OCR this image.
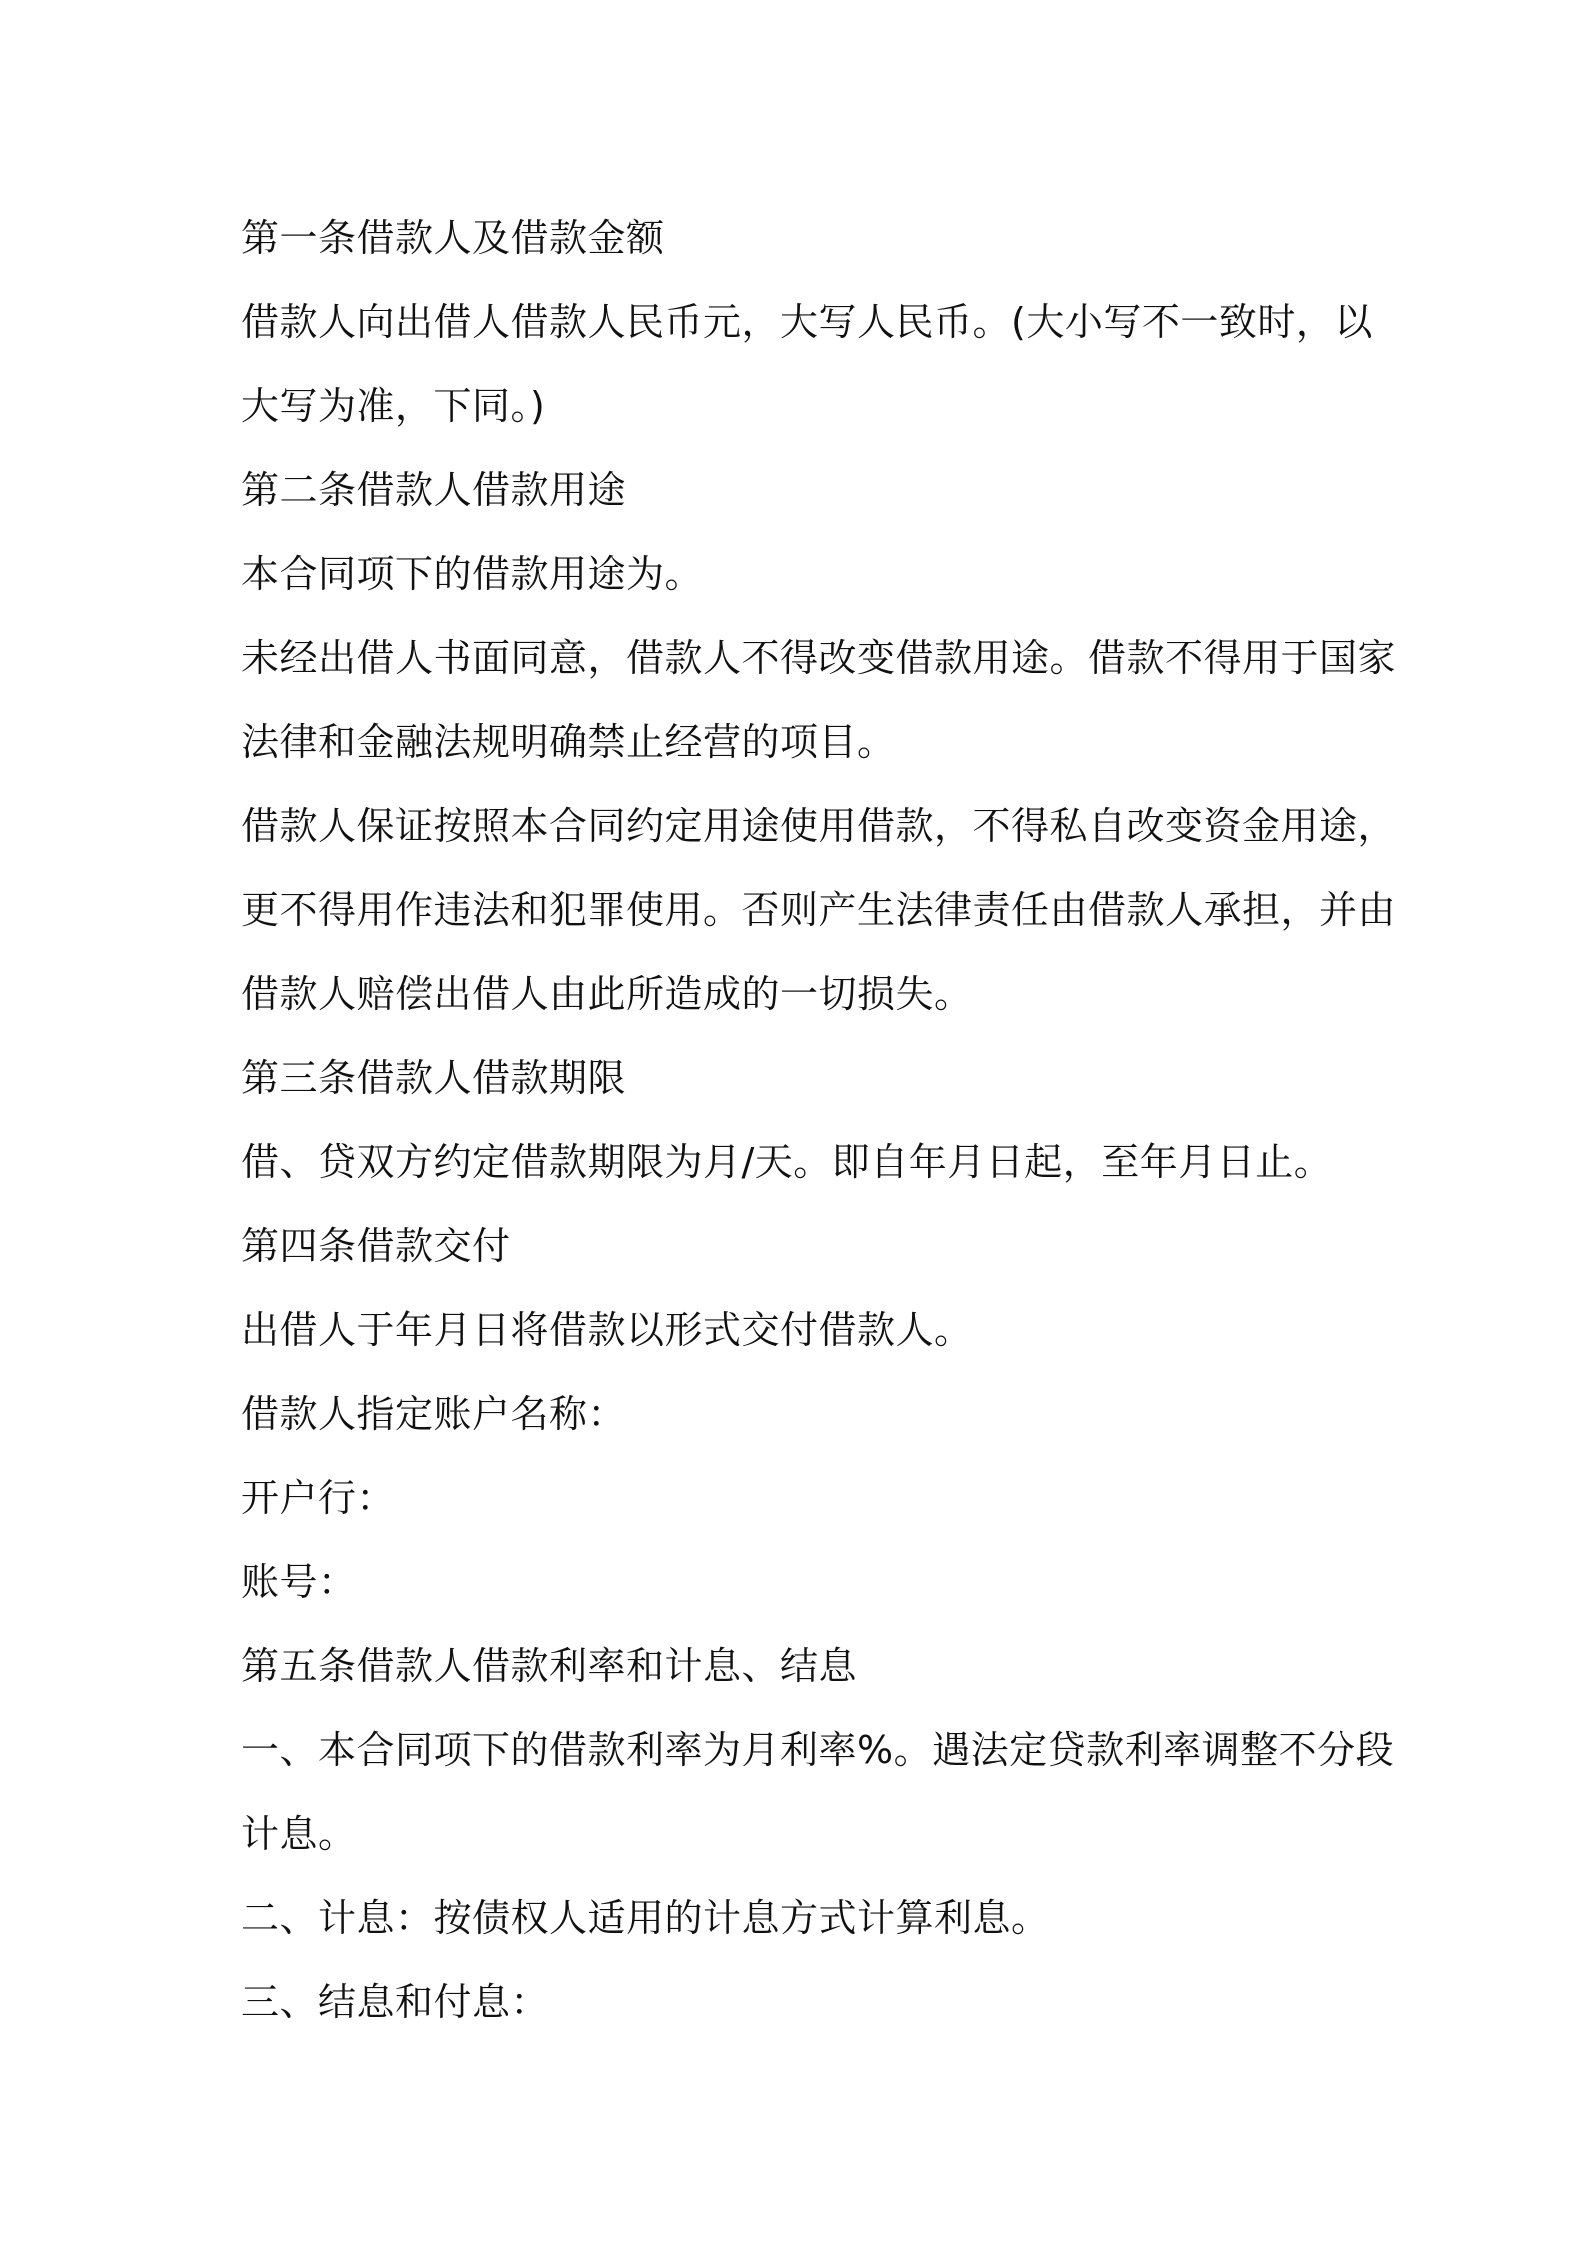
第一条借款人及借款金额
借款人向出借人借款人民币元，大写人民币。(大小写不一致时，以
大写为准，下同。)
第二条借款人借款用途
本合同项下的借款用途为。
未经出借人书面同意，借款人不得改变借款用途。借款不得用于国家
法律和金融法规明确禁止经营的项目。
借款人保证按照本合同约定用途使用借款，不得私自改变资金用途，
更不得用作违法和犯罪使用。否则产生法律责任由借款人承担，并由
借款人赔偿出借人由此所造成的一切损失。
第三条借款人借款期限
借、贷双方约定借款期限为月/天。即自年月日起，至年月日止。
第四条借款交付
出借人于年月日将借款以形式交付借款人。
借款人指定账户名称：
开户行：
账号：
第五条借款人借款利率和计息、结息
一、本合同项下的借款利率为月利率%。遇法定贷款利率调整不分段
计息。
二、计息：按债权人适用的计息方式计算利息。
三、结息和付息：
